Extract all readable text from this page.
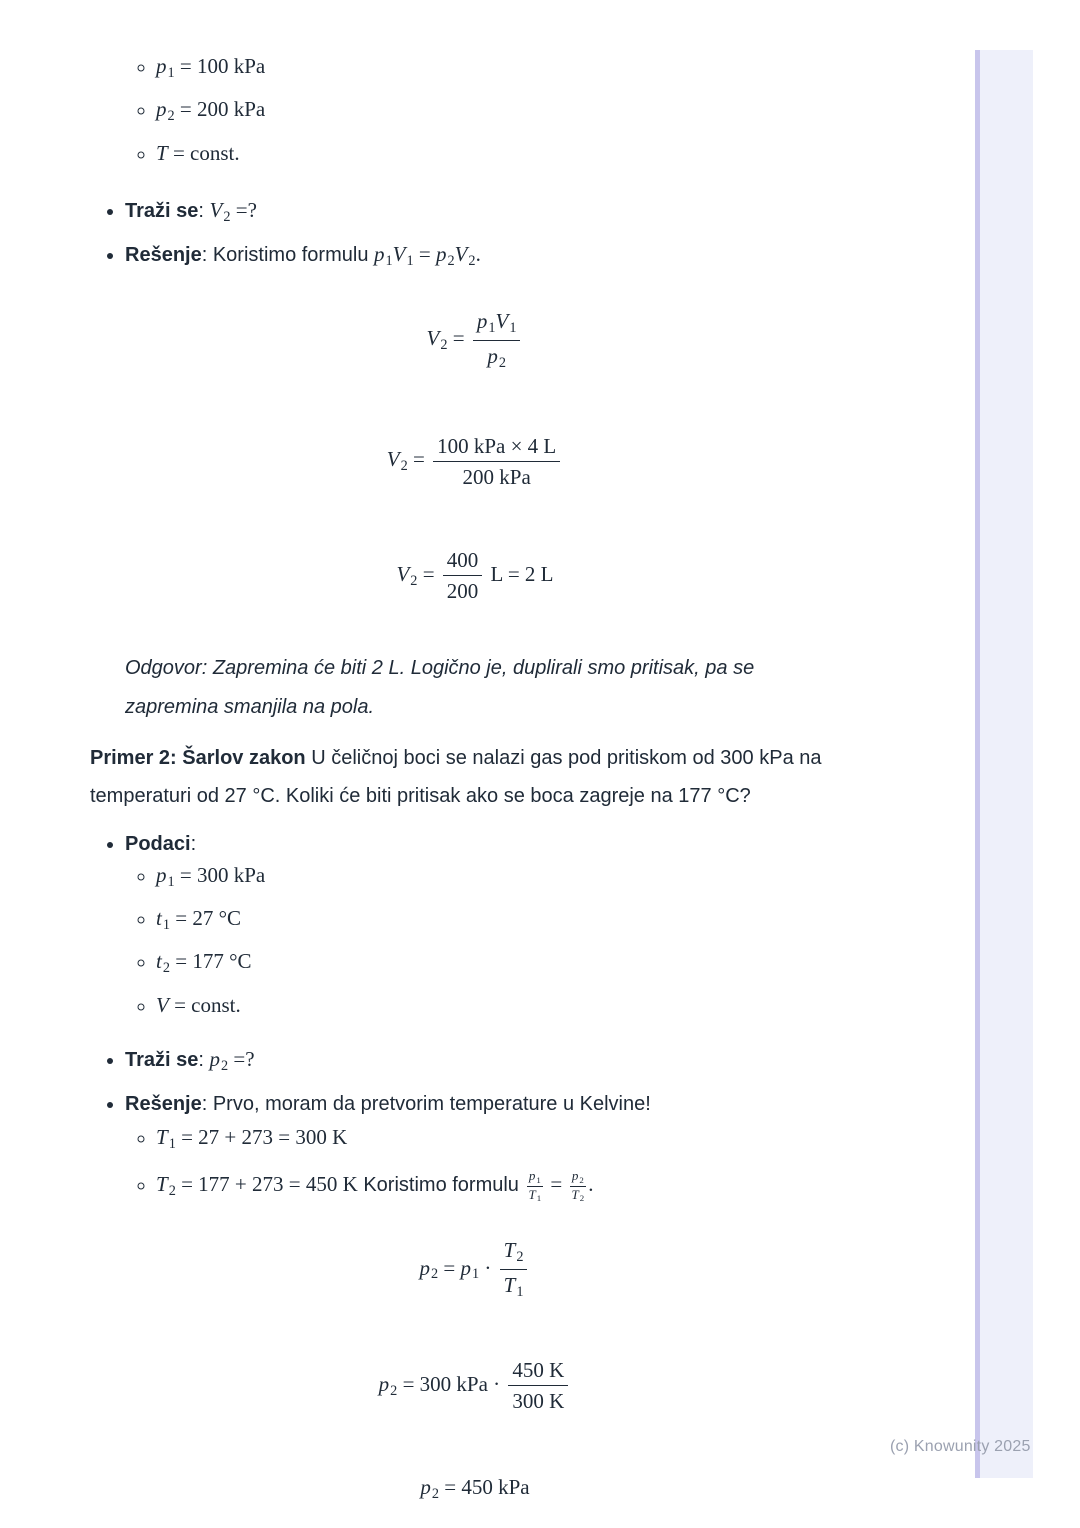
◦ p1 = 100 kPa
◦ p2 = 200 kPa
◦ T = const.
• Traži se: V2 =?
• Rešenje: Koristimo formulu p1V1 = p2V2.
$V2 = \frac{p1V1}{p2}$
V2 =
100 kPa × 4 L
200 kPa
$V2 = \frac{400}{200}$ L = 2 L

Odgovor: Zapremina će biti 2 L. Logično je, duplirali smo pritisak, pa se zapremina smanjila na pola.

Primer 2: Šarlov zakon U čeličnoj boci se nalazi gas pod pritiskom od 300 kPa na temperaturi od 27 °C. Koliki će biti pritisak ako se boca zagreje na 177 °C?

• Podaci:
◦ p1 = 300 kPa
◦ t1 = 27 °C
◦ t2 = 177 °C
◦ V = const.
• Traži se: p2 =?
• Rešenje: Prvo, moram da pretvorim temperature u Kelvine!
◦ T1 = 27 + 273 = 300 K
◦ T2 = 177 + 273 = 450 K Koristimo formulu $\frac{p1}{T1} = \frac{p2}{T2}$ .
$p2 = p1 \cdot \frac{T2}{T1}$
p2 = 300 kPa · $\frac{450 K}{300 K}$
p2 = 450 kPa
(c) Knowunity 2025
